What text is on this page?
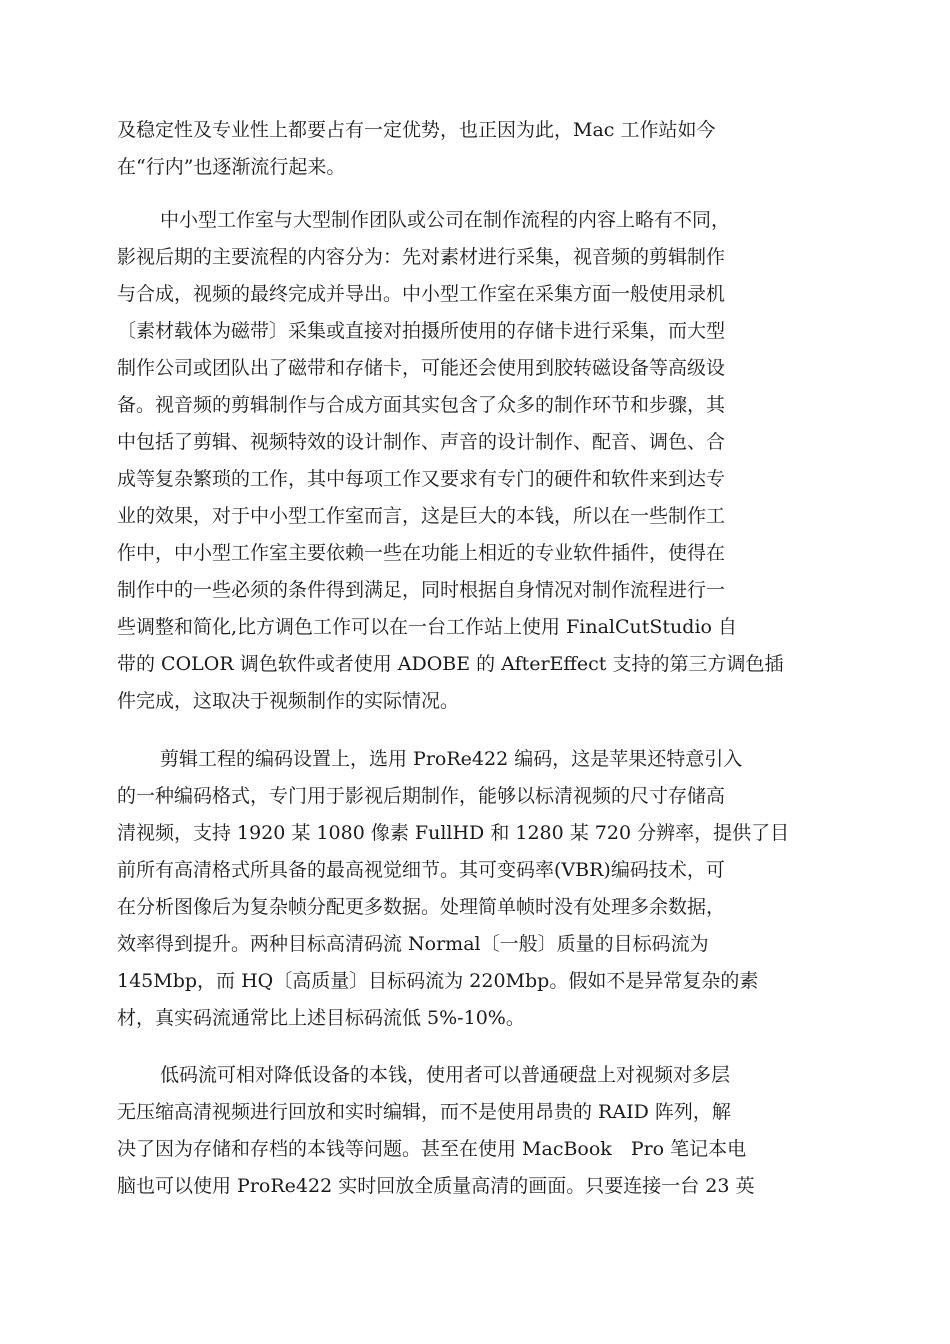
及稳定性及专业性上都要占有一定优势，也正因为此，Mac 工作站如今
在“行内”也逐渐流行起来。
中小型工作室与大型制作团队或公司在制作流程的内容上略有不同，
影视后期的主要流程的内容分为：先对素材进行采集，视音频的剪辑制作
与合成，视频的最终完成并导出。中小型工作室在采集方面一般使用录机
〔素材载体为磁带〕采集或直接对拍摄所使用的存储卡进行采集，而大型
制作公司或团队出了磁带和存储卡，可能还会使用到胶转磁设备等高级设
备。视音频的剪辑制作与合成方面其实包含了众多的制作环节和步骤，其
中包括了剪辑、视频特效的设计制作、声音的设计制作、配音、调色、合
成等复杂繁琐的工作，其中每项工作又要求有专门的硬件和软件来到达专
业的效果，对于中小型工作室而言，这是巨大的本钱，所以在一些制作工
作中，中小型工作室主要依赖一些在功能上相近的专业软件插件，使得在
制作中的一些必须的条件得到满足，同时根据自身情况对制作流程进行一
些调整和简化,比方调色工作可以在一台工作站上使用 FinalCutStudio 自
带的 COLOR 调色软件或者使用 ADOBE 的 AfterEffect 支持的第三方调色插
件完成，这取决于视频制作的实际情况。
剪辑工程的编码设置上，选用 ProRe422 编码，这是苹果还特意引入
的一种编码格式，专门用于影视后期制作，能够以标清视频的尺寸存储高
清视频，支持 1920 某 1080 像素 FullHD 和 1280 某 720 分辨率，提供了目
前所有高清格式所具备的最高视觉细节。其可变码率(VBR)编码技术，可
在分析图像后为复杂帧分配更多数据。处理简单帧时没有处理多余数据，
效率得到提升。两种目标高清码流 Normal〔一般〕质量的目标码流为
145Mbp，而 HQ〔高质量〕目标码流为 220Mbp。假如不是异常复杂的素
材，真实码流通常比上述目标码流低 5%-10%。
低码流可相对降低设备的本钱，使用者可以普通硬盘上对视频对多层
无压缩高清视频进行回放和实时编辑，而不是使用昂贵的 RAID 阵列，解
决了因为存储和存档的本钱等问题。甚至在使用 MacBook　Pro 笔记本电
脑也可以使用 ProRe422 实时回放全质量高清的画面。只要连接一台 23 英
